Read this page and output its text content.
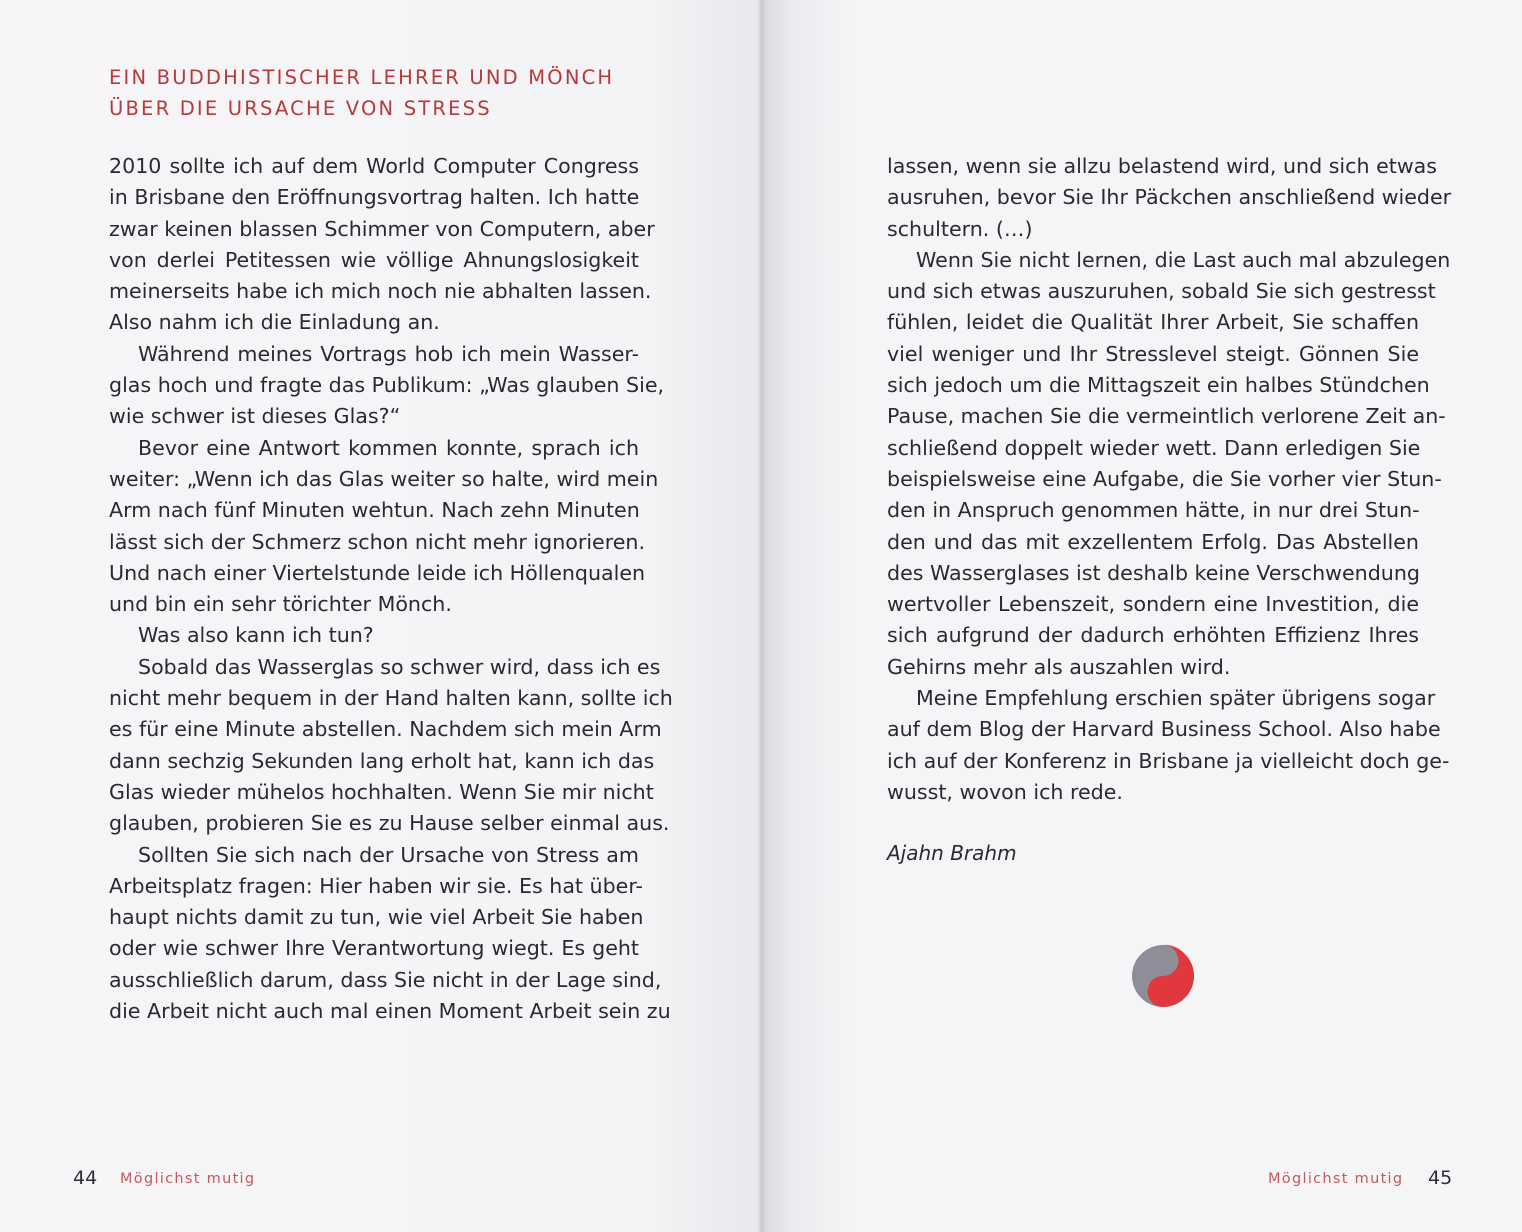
EIN BUDDHISTISCHER LEHRER UND MÖNCH
ÜBER DIE URSACHE VON STRESS
2010 sollte ich auf dem World Computer Congress
in Brisbane den Eröffnungsvortrag halten. Ich hatte
zwar keinen blassen Schimmer von Computern, aber
von derlei Petitessen wie völlige Ahnungslosigkeit
meinerseits habe ich mich noch nie abhalten lassen.
Also nahm ich die Einladung an.
Während meines Vortrags hob ich mein Wasser-
glas hoch und fragte das Publikum: „Was glauben Sie,
wie schwer ist dieses Glas?“
Bevor eine Antwort kommen konnte, sprach ich
weiter: „Wenn ich das Glas weiter so halte, wird mein
Arm nach fünf Minuten wehtun. Nach zehn Minuten
lässt sich der Schmerz schon nicht mehr ignorieren.
Und nach einer Viertelstunde leide ich Höllenqualen
und bin ein sehr törichter Mönch.
Was also kann ich tun?
Sobald das Wasserglas so schwer wird, dass ich es
nicht mehr bequem in der Hand halten kann, sollte ich
es für eine Minute abstellen. Nachdem sich mein Arm
dann sechzig Sekunden lang erholt hat, kann ich das
Glas wieder mühelos hochhalten. Wenn Sie mir nicht
glauben, probieren Sie es zu Hause selber einmal aus.
Sollten Sie sich nach der Ursache von Stress am
Arbeitsplatz fragen: Hier haben wir sie. Es hat über-
haupt nichts damit zu tun, wie viel Arbeit Sie haben
oder wie schwer Ihre Verantwortung wiegt. Es geht
ausschließlich darum, dass Sie nicht in der Lage sind,
die Arbeit nicht auch mal einen Moment Arbeit sein zu
44 Möglichst mutig
lassen, wenn sie allzu belastend wird, und sich etwas
ausruhen, bevor Sie Ihr Päckchen anschließend wieder
schultern. (…)
Wenn Sie nicht lernen, die Last auch mal abzulegen
und sich etwas auszuruhen, sobald Sie sich gestresst
fühlen, leidet die Qualität Ihrer Arbeit, Sie schaffen
viel weniger und Ihr Stresslevel steigt. Gönnen Sie
sich jedoch um die Mittagszeit ein halbes Stündchen
Pause, machen Sie die vermeintlich verlorene Zeit an-
schließend doppelt wieder wett. Dann erledigen Sie
beispielsweise eine Aufgabe, die Sie vorher vier Stun-
den in Anspruch genommen hätte, in nur drei Stun-
den und das mit exzellentem Erfolg. Das Abstellen
des Wasserglases ist deshalb keine Verschwendung
wertvoller Lebenszeit, sondern eine Investition, die
sich aufgrund der dadurch erhöhten Effizienz Ihres
Gehirns mehr als auszahlen wird.
Meine Empfehlung erschien später übrigens sogar
auf dem Blog der Harvard Business School. Also habe
ich auf der Konferenz in Brisbane ja vielleicht doch ge-
wusst, wovon ich rede.
Ajahn Brahm
45
Möglichst mutig
